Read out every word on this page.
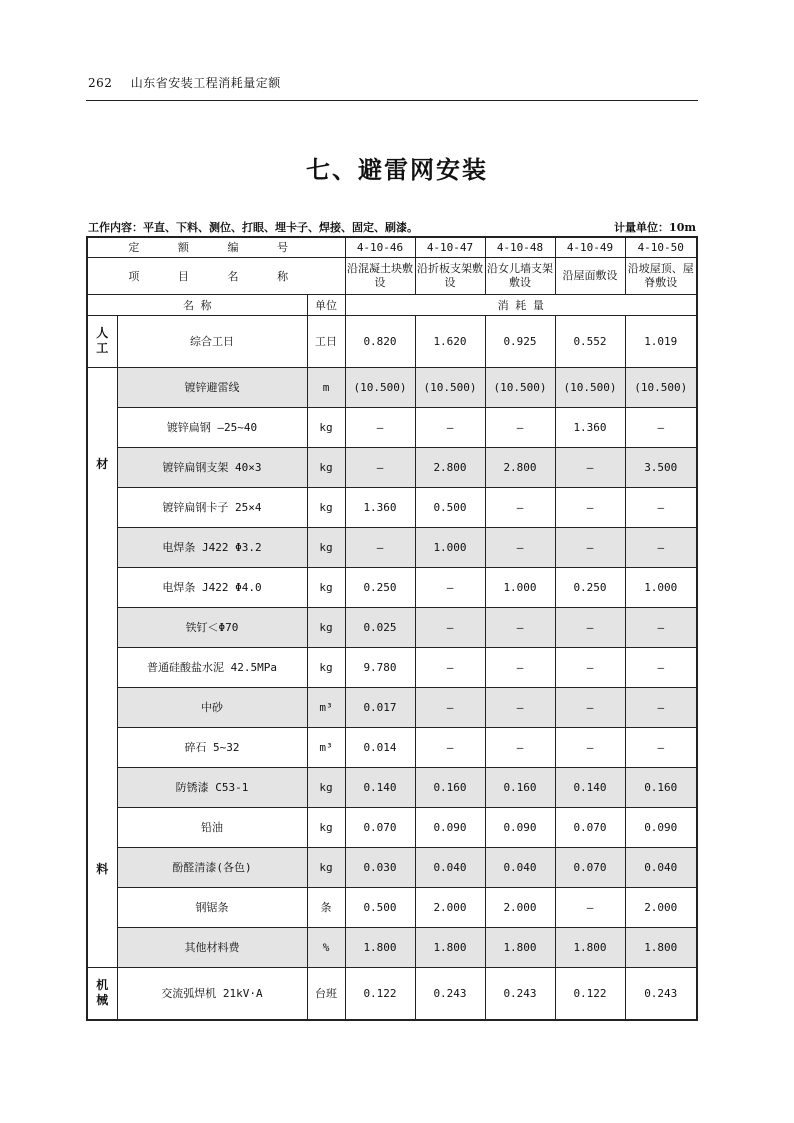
262 山东省安装工程消耗量定额
七、避雷网安装
工作内容：平直、下料、测位、打眼、埋卡子、焊接、固定、刷漆。	计量单位：10m
定 额 编 号			4-10-46	4-10-47	4-10-48	4-10-49	4-10-50
项 目 名 称			沿混凝土块敷设	沿折板支架敷设	沿女儿墙支架敷设	沿屋面敷设	沿坡屋顶、屋脊敷设
名 称		单位	消 耗 量				
人工	综合工日	工日	0.820	1.620	0.925	0.552	1.019

材
料	镀锌避雷线	m	(10.500)	(10.500)	(10.500)	(10.500)	(10.500)
	镀锌扁钢 —25~40	kg	—	—	—	1.360	—
	镀锌扁钢支架 40×3	kg	—	2.800	2.800	—	3.500
	镀锌扁钢卡子 25×4	kg	1.360	0.500	—	—	—
	电焊条 J422 Φ3.2	kg	—	1.000	—	—	—
	电焊条 J422 Φ4.0	kg	0.250	—	1.000	0.250	1.000
	铁钉＜Φ70	kg	0.025	—	—	—	—
	普通硅酸盐水泥 42.5MPa	kg	9.780	—	—	—	—
	中砂	m³	0.017	—	—	—	—
	碎石 5~32	m³	0.014	—	—	—	—
	防锈漆 C53-1	kg	0.140	0.160	0.160	0.140	0.160
	铅油	kg	0.070	0.090	0.090	0.070	0.090
	酚醛清漆(各色)	kg	0.030	0.040	0.040	0.070	0.040
	钢锯条	条	0.500	2.000	2.000	—	2.000
	其他材料费	%	1.800	1.800	1.800	1.800	1.800
机械	交流弧焊机 21kV·A	台班	0.122	0.243	0.243	0.122	0.243
